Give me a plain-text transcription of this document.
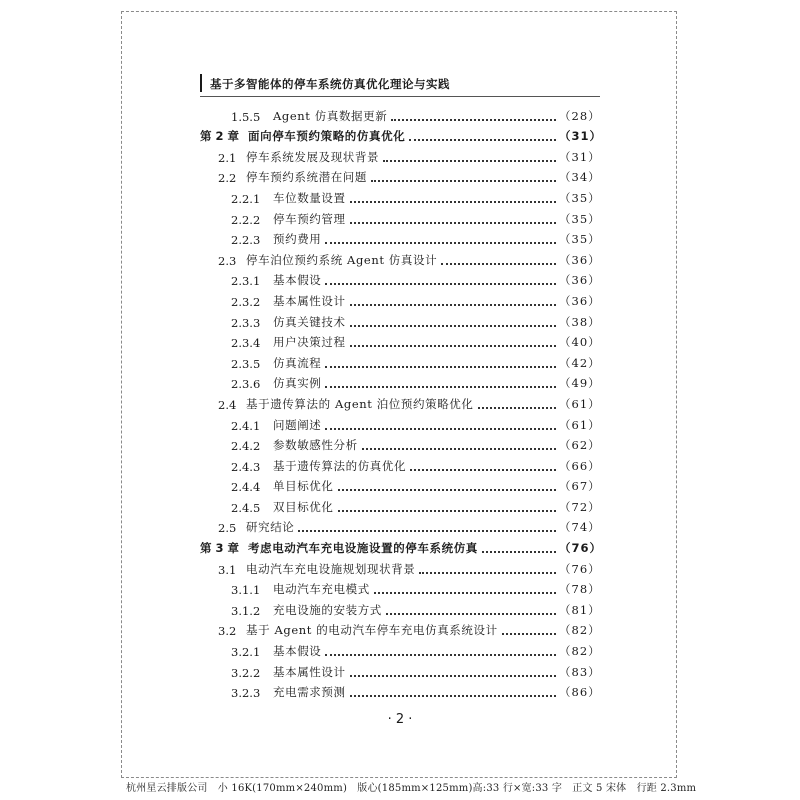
基于多智能体的停车系统仿真优化理论与实践
1.5.5	Agent 仿真数据更新	（28）
第 2 章 面向停车预约策略的仿真优化	（31）
2.1 停车系统发展及现状背景	（31）
2.2 停车预约系统潜在问题	（34）
2.2.1	车位数量设置	（35）
2.2.2	停车预约管理	（35）
2.2.3	预约费用	（35）
2.3 停车泊位预约系统 Agent 仿真设计	（36）
2.3.1	基本假设	（36）
2.3.2	基本属性设计	（36）
2.3.3	仿真关键技术	（38）
2.3.4	用户决策过程	（40）
2.3.5	仿真流程	（42）
2.3.6	仿真实例	（49）
2.4 基于遗传算法的 Agent 泊位预约策略优化	（61）
2.4.1	问题阐述	（61）
2.4.2	参数敏感性分析	（62）
2.4.3	基于遗传算法的仿真优化	（66）
2.4.4	单目标优化	（67）
2.4.5	双目标优化	（72）
2.5 研究结论	（74）
第 3 章 考虑电动汽车充电设施设置的停车系统仿真	（76）
3.1 电动汽车充电设施规划现状背景	（76）
3.1.1	电动汽车充电模式	（78）
3.1.2	充电设施的安装方式	（81）
3.2 基于 Agent 的电动汽车停车充电仿真系统设计	（82）
3.2.1	基本假设	（82）
3.2.2	基本属性设计	（83）
3.2.3	充电需求预测	（86）
· 2 ·
杭州星云排版公司　小 16K(170mm×240mm)　版心(185mm×125mm)高:33 行×宽:33 字　正文 5 宋体　行距 2.3mm
